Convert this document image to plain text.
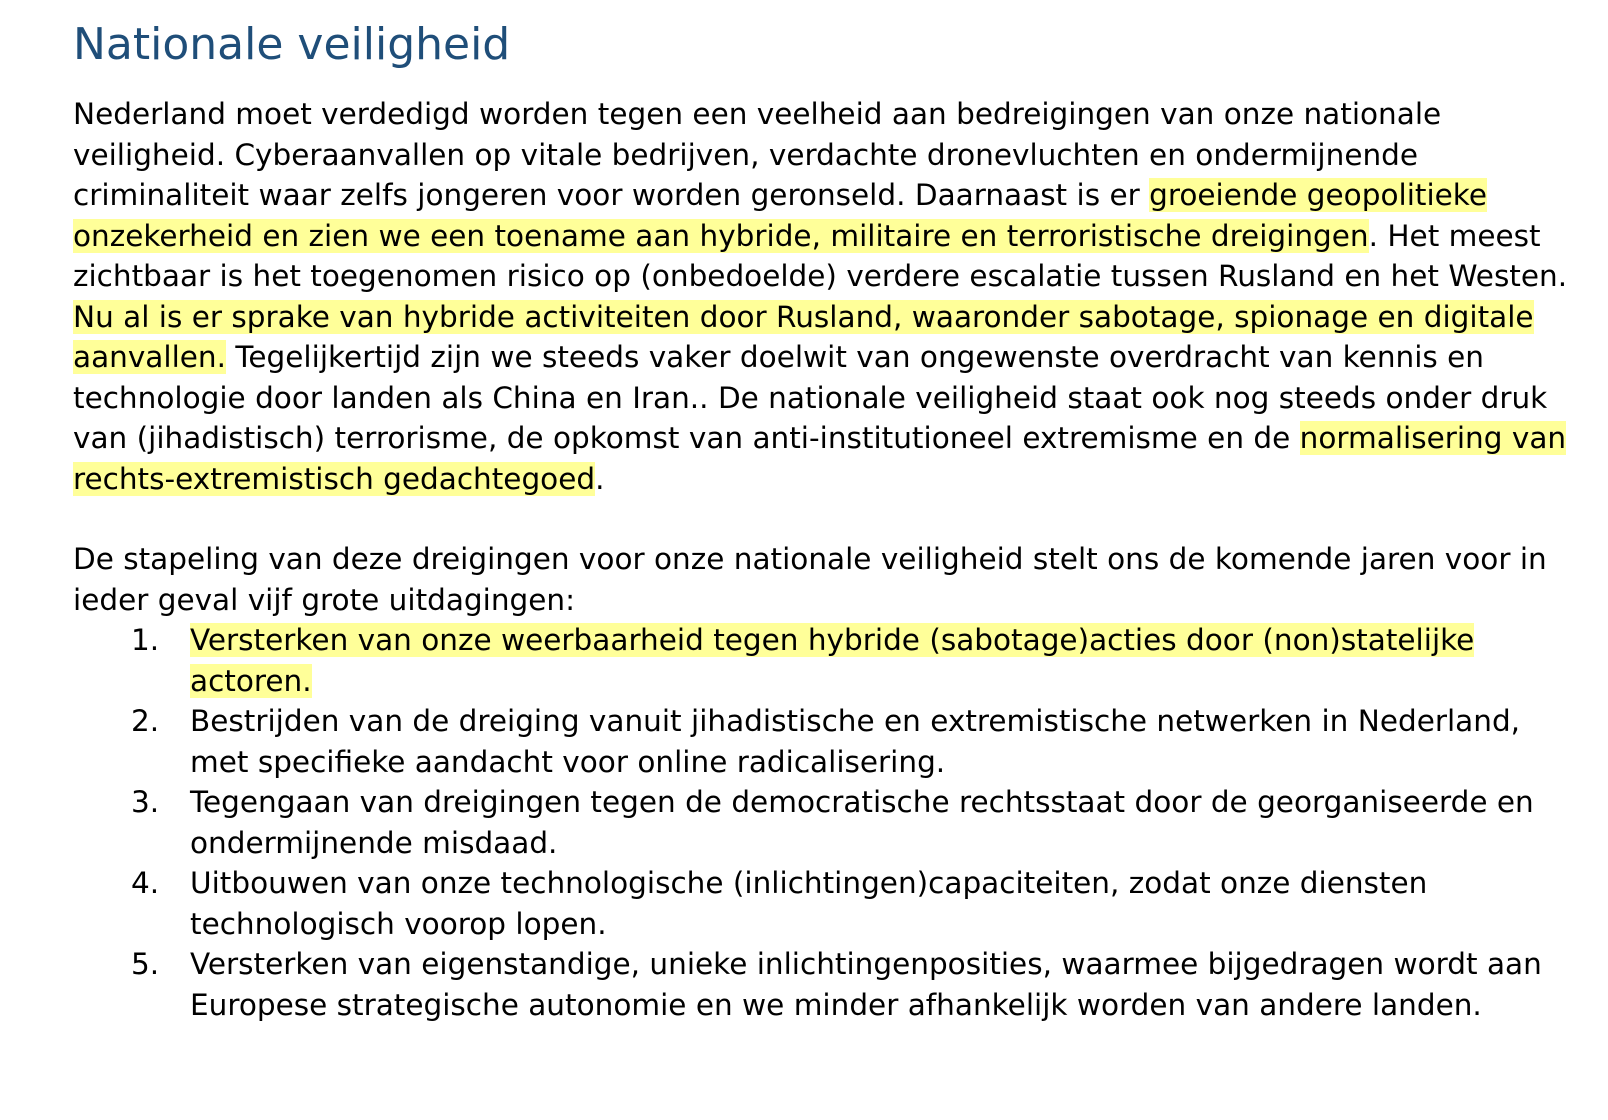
Nationale veiligheid

Nederland moet verdedigd worden tegen een veelheid aan bedreigingen van onze nationale veiligheid. Cyberaanvallen op vitale bedrijven, verdachte dronevluchten en ondermijnende criminaliteit waar zelfs jongeren voor worden geronseld. Daarnaast is er groeiende geopolitieke onzekerheid en zien we een toename aan hybride, militaire en terroristische dreigingen. Het meest zichtbaar is het toegenomen risico op (onbedoelde) verdere escalatie tussen Rusland en het Westen. Nu al is er sprake van hybride activiteiten door Rusland, waaronder sabotage, spionage en digitale aanvallen. Tegelijkertijd zijn we steeds vaker doelwit van ongewenste overdracht van kennis en technologie door landen als China en Iran.. De nationale veiligheid staat ook nog steeds onder druk van (jihadistisch) terrorisme, de opkomst van anti-institutioneel extremisme en de normalisering van rechts-extremistisch gedachtegoed.

De stapeling van deze dreigingen voor onze nationale veiligheid stelt ons de komende jaren voor in ieder geval vijf grote uitdagingen:

1. Versterken van onze weerbaarheid tegen hybride (sabotage)acties door (non)statelijke actoren.
2. Bestrijden van de dreiging vanuit jihadistische en extremistische netwerken in Nederland, met specifieke aandacht voor online radicalisering.
3. Tegengaan van dreigingen tegen de democratische rechtsstaat door de georganiseerde en ondermijnende misdaad.
4. Uitbouwen van onze technologische (inlichtingen)capaciteiten, zodat onze diensten technologisch voorop lopen.
5. Versterken van eigenstandige, unieke inlichtingenposities, waarmee bijgedragen wordt aan Europese strategische autonomie en we minder afhankelijk worden van andere landen.
